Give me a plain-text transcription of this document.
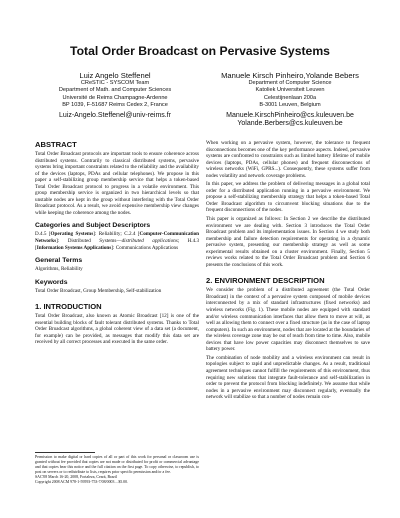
Total Order Broadcast on Pervasive Systems
Luiz Angelo Steffenel
CReSTIC - SYSCOM Team
Department of Math. and Computer Sciences
Université de Reims Champagne-Ardenne
BP 1039, F-51687 Reims Cedex 2, France
Luiz-Angelo.Steffenel@univ-reims.fr
Manuele Kirsch Pinheiro,Yolande Bebers
Department of Computer Science
Katoliek Universiteit Leuven
Celestijnenlaan 200a
B-3001 Leuven, Belgium
Manuele.KirschPinheiro@cs.kuleuven.be
Yolande.Berbers@cs.kuleuven.be
ABSTRACT

Total Order Broadcast protocols are important tools to ensure coherence across distributed systems. Contrarily to classical distributed systems, pervasive systems bring important constraints related to the reliability and the availability of the devices (laptops, PDAs and cellular telephones). We propose in this paper a self-stabilizing group membership service that helps a token-based Total Order Broadcast protocol to progress in a volatile environment. This group membership service is organized in two hierarchical levels so that unstable nodes are kept in the group without interfering with the Total Order Broadcast protocol. As a result, we avoid expensive membership view changes while keeping the coherence among the nodes.

Categories and Subject Descriptors

D.4.5 [Operating Systems]: Reliability; C.2.4 [Computer-Communication Networks]: Distributed Systems—distributed applications; H.4.3 [Information Systems Applications]: Communications Applications

General Terms

Algorithms, Reliability

Keywords

Total Order Broadcast, Group Membership, Self-stabilization

1. INTRODUCTION

Total Order Broadcast, also known as Atomic Broadcast [12] is one of the essential building blocks of fault tolerant distributed systems. Thanks to Total Order Broadcast algorithms, a global coherent view of a data set (a document, for example) can be provided, as messages that modify this data set are received by all correct processes and executed in the same order.

Permission to make digital or hard copies of all or part of this work for personal or classroom use is granted without fee provided that copies are not made or distributed for profit or commercial advantage and that copies bear this notice and the full citation on the first page. To copy otherwise, to republish, to post on servers or to redistribute to lists, requires prior specific permission and/or a fee.
SAC'08 March 16-20, 2008, Fortaleza, Ceará, Brazil
Copyright 2008 ACM 978-1-59593-753-7/08/0003 ...$5.00.

When working on a pervasive system, however, the tolerance to frequent disconnections becomes one of the key performance aspects. Indeed, pervasive systems are confronted to constraints such as limited battery lifetime of mobile devices (laptops, PDAs, cellular phones) and frequent disconnections of wireless networks (WiFi, GPRS...). Consequently, these systems suffer from nodes volatility and network coverage problems.

In this paper, we address the problem of delivering messages in a global total order for a distributed application running in a pervasive environment. We propose a self-stabilizing membership strategy that helps a token-based Total Order Broadcast algorithm to circumvent blocking situations due to the frequent disconnections of the nodes.

This paper is organized as follows: In Section 2 we describe the distributed environment we are dealing with. Section 3 introduces the Total Order Broadcast problem and its implementation issues. In Section 4 we study both membership and failure detection requirements for operating in a dynamic pervasive system, presenting our membership strategy as well as some experimental results obtained on a cluster environment. Finally, Section 5 reviews works related to the Total Order Broadcast problem and Section 6 presents the conclusions of this work.

2. ENVIRONMENT DESCRIPTION

We consider the problem of a distributed agreement (the Total Order Broadcast) in the context of a pervasive system composed of mobile devices interconnected by a mix of standard infrastructures (fixed networks) and wireless networks (Fig. 1). These mobile nodes are equipped with standard and/or wireless communication interfaces that allow them to move at will, as well as allowing them to connect over a fixed structure (as in the case of laptop computers). In such an environment, nodes that are located at the boundaries of the wireless coverage zone may be out of reach from time to time. Also, mobile devices that have low power capacities may disconnect themselves to save battery power.

The combination of node mobility and a wireless environment can result in topologies subject to rapid and unpredictable changes. As a result, traditional agreement techniques cannot fulfill the requirements of this environment, thus requiring new solutions that integrate fault-tolerance and self-stabilization in order to prevent the protocol from blocking indefinitely. We assume that while nodes in a pervasive environment may disconnect regularly, eventually the network will stabilize so that a number of nodes remain con-
